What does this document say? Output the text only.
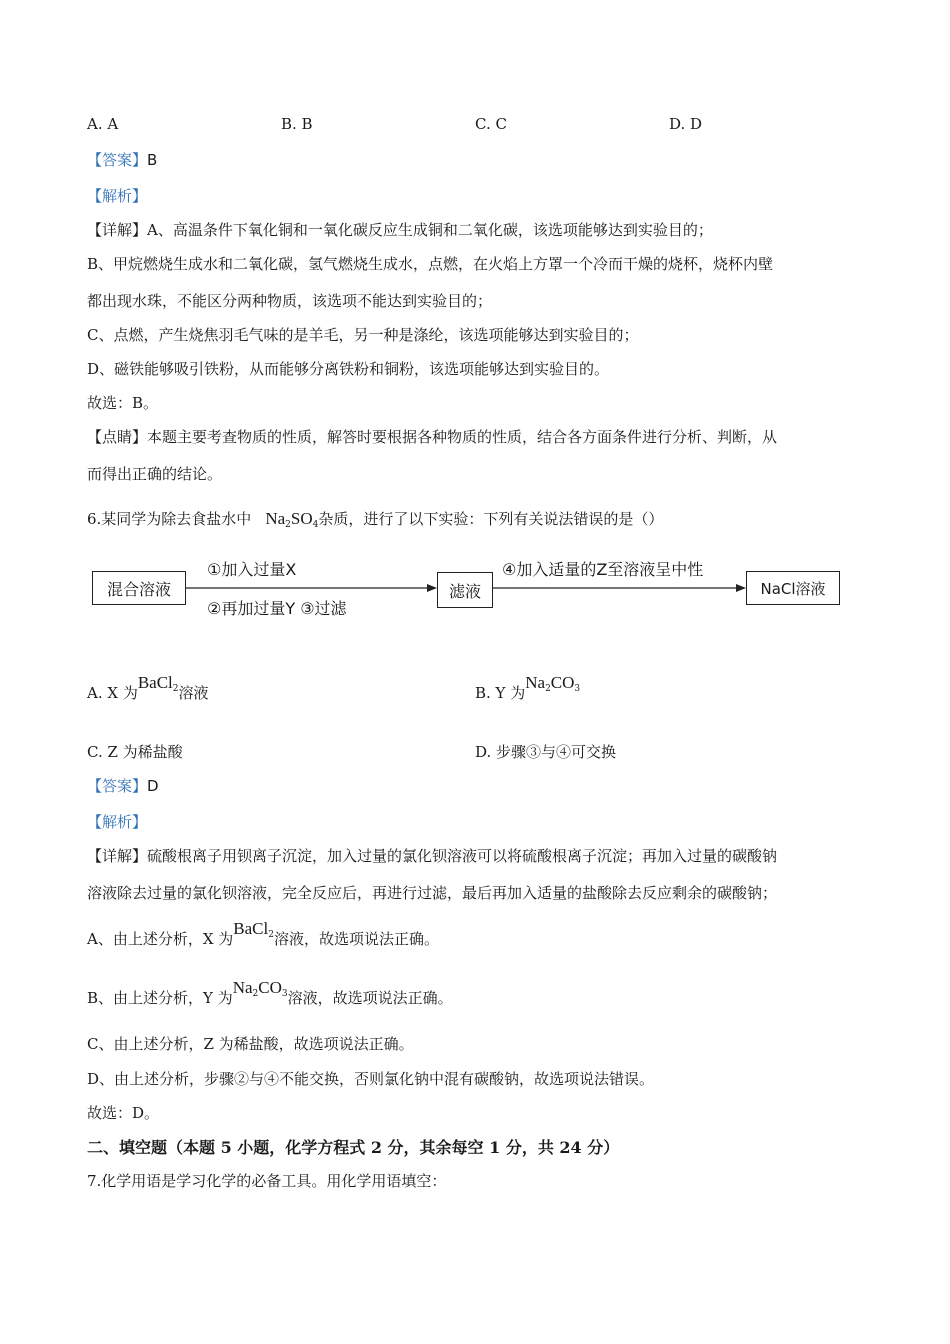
A. A	B. B	C. C	D. D
【答案】B
【解析】
【详解】A、高温条件下氧化铜和一氧化碳反应生成铜和二氧化碳，该选项能够达到实验目的；
B、甲烷燃烧生成水和二氧化碳，氢气燃烧生成水，点燃，在火焰上方罩一个冷而干燥的烧杯，烧杯内壁
都出现水珠，不能区分两种物质，该选项不能达到实验目的；
C、点燃，产生烧焦羽毛气味的是羊毛，另一种是涤纶，该选项能够达到实验目的；
D、磁铁能够吸引铁粉，从而能够分离铁粉和铜粉，该选项能够达到实验目的。
故选：B。
【点睛】本题主要考查物质的性质，解答时要根据各种物质的性质，结合各方面条件进行分析、判断，从
而得出正确的结论。
6.某同学为除去食盐水中 $Na_2SO_4$杂质，进行了以下实验：下列有关说法错误的是（）
混合溶液
①加入过量X
②再加过量Y ③过滤
滤液
④加入适量的Z至溶液呈中性
NaCl溶液
A. X 为BaCl$^2$溶液	B. Y 为$Na^2CO^3$
C. Z 为稀盐酸	D. 步骤③与④可交换
【答案】D
【解析】
【详解】硫酸根离子用钡离子沉淀，加入过量的氯化钡溶液可以将硫酸根离子沉淀；再加入过量的碳酸钠
溶液除去过量的氯化钡溶液，完全反应后，再进行过滤，最后再加入适量的盐酸除去反应剩余的碳酸钠；
A、由上述分析，X 为BaCl$^2$溶液，故选项说法正确。
B、由上述分析，Y 为$Na^2CO^3$溶液，故选项说法正确。
C、由上述分析，Z 为稀盐酸，故选项说法正确。
D、由上述分析，步骤②与④不能交换，否则氯化钠中混有碳酸钠，故选项说法错误。
故选：D。
二、填空题（本题 5 小题，化学方程式 2 分，其余每空 1 分，共 24 分）
7.化学用语是学习化学的必备工具。用化学用语填空：
